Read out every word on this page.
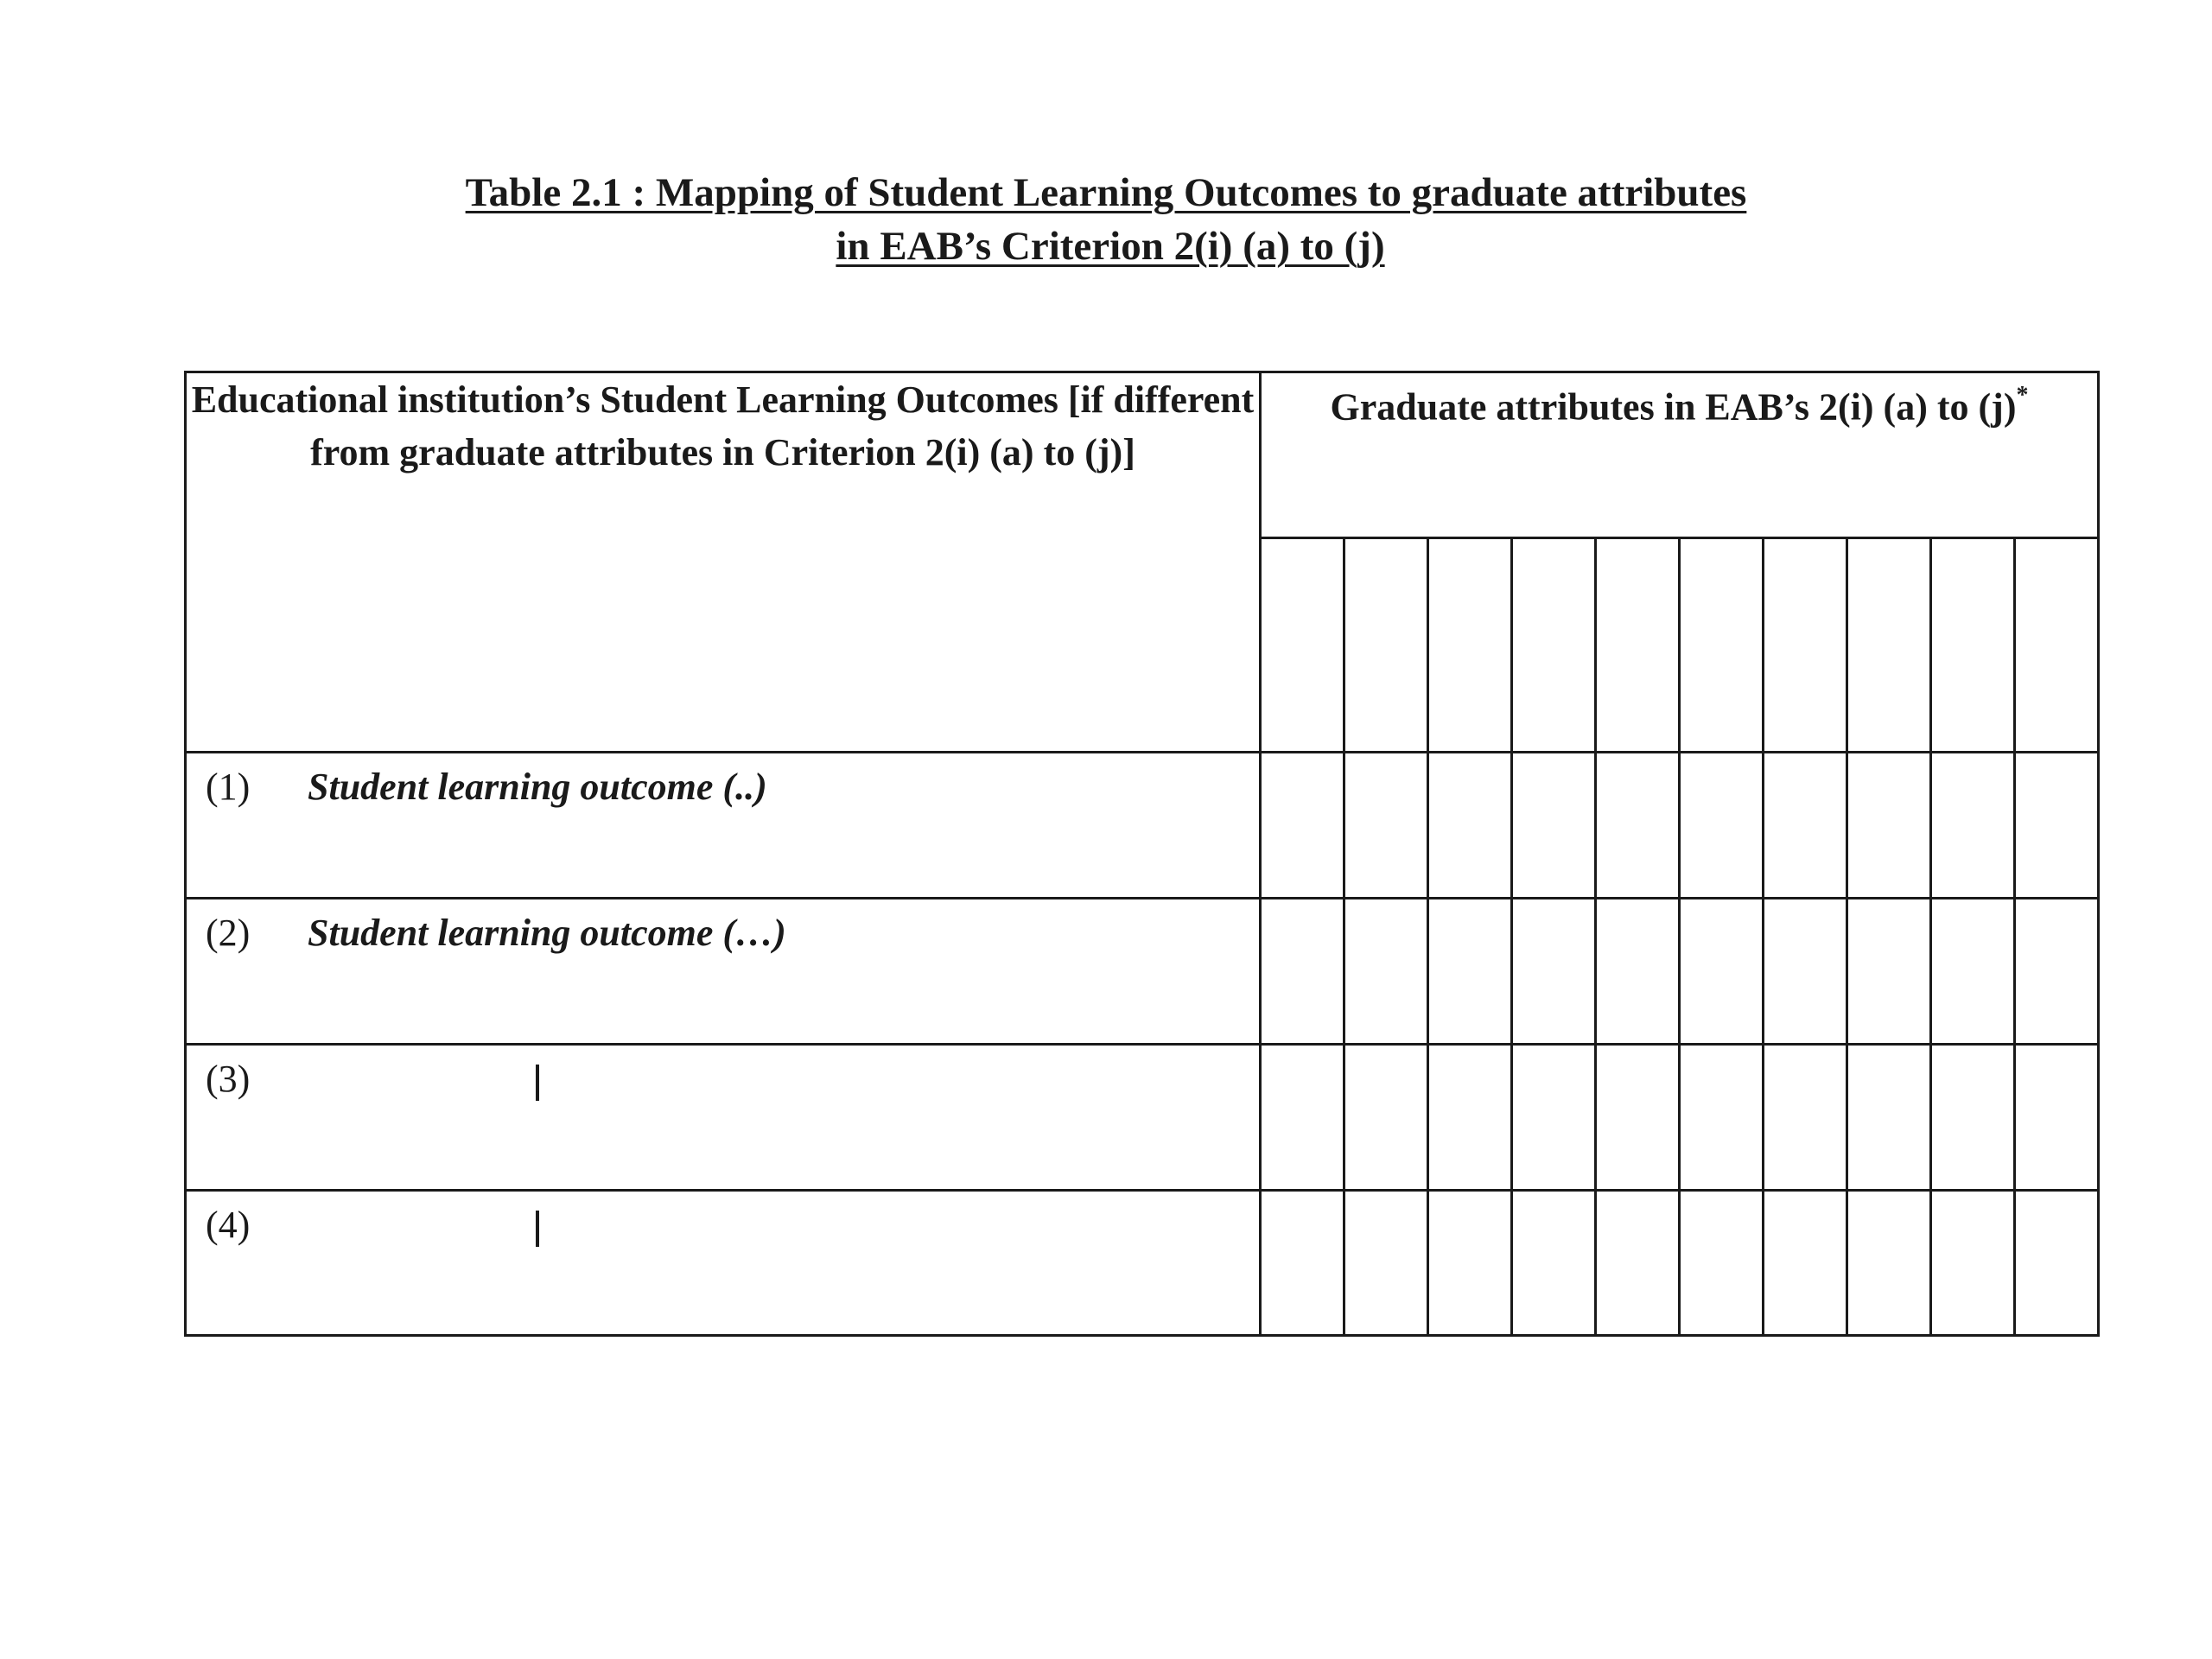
Table 2.1 : Mapping of Student Learning Outcomes to graduate attributes
in EAB’s Criterion 2(i) (a) to (j)
Educational institution’s Student Learning Outcomes [if different from graduate attributes in Criterion 2(i) (a) to (j)]	Graduate attributes in EAB’s 2(i) (a) to (j)*

(1) Student learning outcome (..)										

(2) Student learning outcome (…)										

(3)										

(4)										
